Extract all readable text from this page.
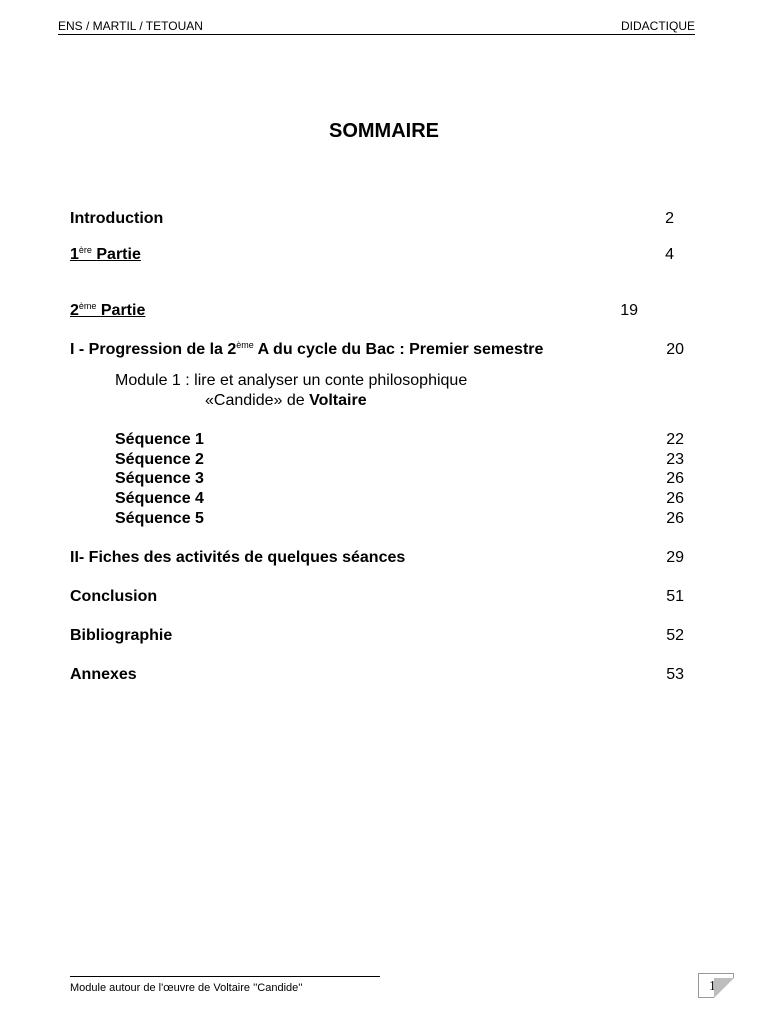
ENS / MARTIL / TETOUAN	DIDACTIQUE
SOMMAIRE
Introduction	2
1ère Partie	4
2ème Partie	19
I - Progression de la 2ème A du cycle du Bac : Premier semestre	20
Module 1 : lire et analyser un conte philosophique
«Candide» de Voltaire
Séquence 1	22
Séquence 2	23
Séquence 3	26
Séquence 4	26
Séquence 5	26
II- Fiches des activités de quelques séances	29
Conclusion	51
Bibliographie	52
Annexes	53
Module autour de l'œuvre de Voltaire ''Candide''	14
